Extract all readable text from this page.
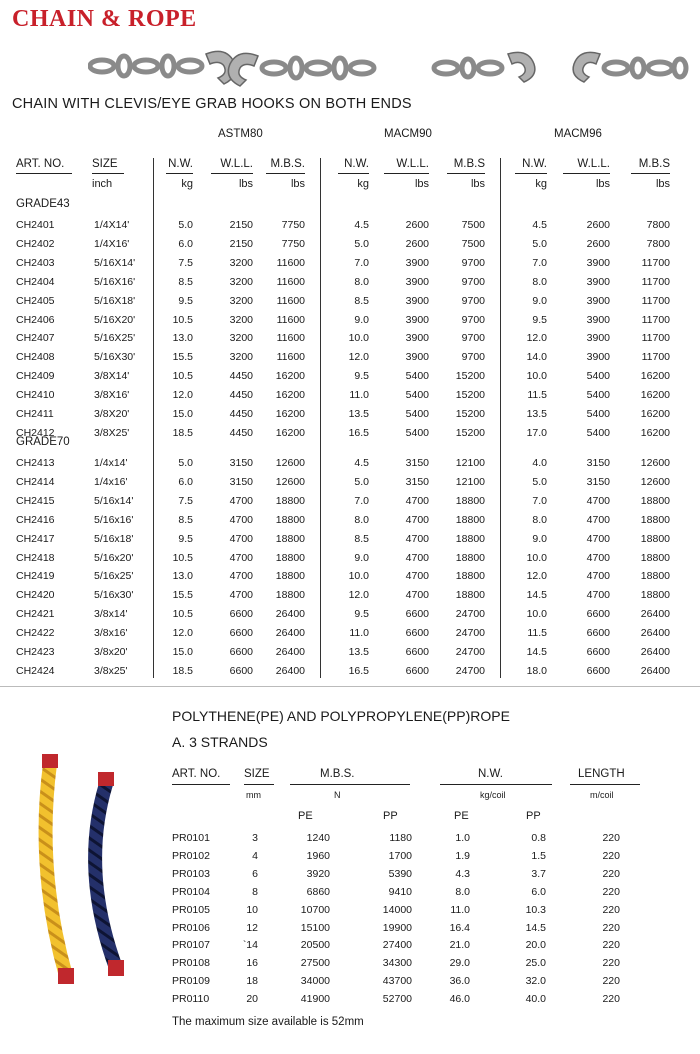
CHAIN & ROPE
CHAIN WITH CLEVIS/EYE GRAB HOOKS ON BOTH ENDS
ASTM80	MACM90	MACM96
ART. NO. SIZE	N.W.	W.L.L.	M.B.S.	N.W.	W.L.L.	M.B.S	N.W.	W.L.L.	M.B.S
inch	kg	lbs	lbs	kg	lbs	lbs	kg	lbs	lbs
GRADE43
GRADE70
CH2401	1/4X14'	5.0	2150	7750	4.5	2600	7500	4.5	2600	7800
CH2402	1/4X16'	6.0	2150	7750	5.0	2600	7500	5.0	2600	7800
CH2403	5/16X14'	7.5	3200	11600	7.0	3900	9700	7.0	3900	11700
CH2404	5/16X16'	8.5	3200	11600	8.0	3900	9700	8.0	3900	11700
CH2405	5/16X18'	9.5	3200	11600	8.5	3900	9700	9.0	3900	11700
CH2406	5/16X20'	10.5	3200	11600	9.0	3900	9700	9.5	3900	11700
CH2407	5/16X25'	13.0	3200	11600	10.0	3900	9700	12.0	3900	11700
CH2408	5/16X30'	15.5	3200	11600	12.0	3900	9700	14.0	3900	11700
CH2409	3/8X14'	10.5	4450	16200	9.5	5400	15200	10.0	5400	16200
CH2410	3/8X16'	12.0	4450	16200	11.0	5400	15200	11.5	5400	16200
CH2411	3/8X20'	15.0	4450	16200	13.5	5400	15200	13.5	5400	16200
CH2412	3/8X25'	18.5	4450	16200	16.5	5400	15200	17.0	5400	16200
CH2413	1/4x14'	5.0	3150	12600	4.5	3150	12100	4.0	3150	12600
CH2414	1/4x16'	6.0	3150	12600	5.0	3150	12100	5.0	3150	12600
CH2415	5/16x14'	7.5	4700	18800	7.0	4700	18800	7.0	4700	18800
CH2416	5/16x16'	8.5	4700	18800	8.0	4700	18800	8.0	4700	18800
CH2417	5/16x18'	9.5	4700	18800	8.5	4700	18800	9.0	4700	18800
CH2418	5/16x20'	10.5	4700	18800	9.0	4700	18800	10.0	4700	18800
CH2419	5/16x25'	13.0	4700	18800	10.0	4700	18800	12.0	4700	18800
CH2420	5/16x30'	15.5	4700	18800	12.0	4700	18800	14.5	4700	18800
CH2421	3/8x14'	10.5	6600	26400	9.5	6600	24700	10.0	6600	26400
CH2422	3/8x16'	12.0	6600	26400	11.0	6600	24700	11.5	6600	26400
CH2423	3/8x20'	15.0	6600	26400	13.5	6600	24700	14.5	6600	26400
CH2424	3/8x25'	18.5	6600	26400	16.5	6600	24700	18.0	6600	26400
POLYTHENE(PE) AND POLYPROPYLENE(PP)ROPE
A. 3 STRANDS
ART. NO. SIZE	M.B.S.	N.W.	LENGTH
mm	N	kg/coil	m/coil
PE	PP	PE	PP
PR0101	3	1240	1180	1.0	0.8	220
PR0102	4	1960	1700	1.9	1.5	220
PR0103	6	3920	5390	4.3	3.7	220
PR0104	8	6860	9410	8.0	6.0	220
PR0105	10	10700	14000	11.0	10.3	220
PR0106	12	15100	19900	16.4	14.5	220
PR0107	`14	20500	27400	21.0	20.0	220
PR0108	16	27500	34300	29.0	25.0	220
PR0109	18	34000	43700	36.0	32.0	220
PR0110	20	41900	52700	46.0	40.0	220
The maximum size available is 52mm
